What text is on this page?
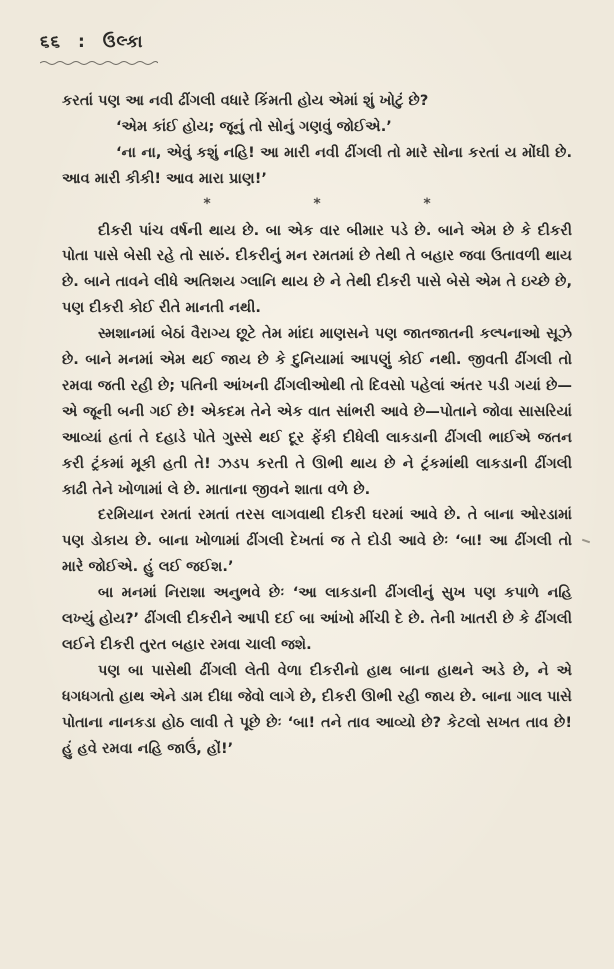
૬૬ : ઉલ્કા

કરતાં પણ આ નવી ઢીંગલી વધારે કિંમતી હોય એમાં શું ખોટું છે?

‘એમ કાંઈ હોય; જૂનું તો સોનું ગણવું જોઈએ.’

‘ના ના, એવું કશું નહિ! આ મારી નવી ઢીંગલી તો મારે સોના કરતાં ય મોંઘી છે. આવ મારી કીકી! આવ મારા પ્રાણ!’

*	*	*

દીકરી પાંચ વર્ષની થાય છે. બા એક વાર બીમાર પડે છે. બાને એમ છે કે દીકરી પોતા પાસે બેસી રહે તો સારું. દીકરીનું મન રમતમાં છે તેથી તે બહાર જવા ઉતાવળી થાય છે. બાને તાવને લીધે અતિશય ગ્લાનિ થાય છે ને તેથી દીકરી પાસે બેસે એમ તે ઇચ્છે છે, પણ દીકરી કોઈ રીતે માનતી નથી.

સ્મશાનમાં બેઠાં વૈરાગ્ય છૂટે તેમ માંદા માણસને પણ જાતજાતની કલ્પનાઓ સૂઝે છે. બાને મનમાં એમ થઈ જાય છે કે દુનિયામાં આપણું કોઈ નથી. જીવતી ઢીંગલી તો રમવા જતી રહી છે; પતિની આંખની ઢીંગલીઓથી તો દિવસો પહેલાં અંતર પડી ગયાં છે—એ જૂની બની ગઈ છે! એકદમ તેને એક વાત સાંભરી આવે છે—પોતાને જોવા સાસરિયાં આવ્યાં હતાં તે દહાડે પોતે ગુસ્સે થઈ દૂર ફેંકી દીધેલી લાકડાની ઢીંગલી ભાઈએ જતન કરી ટ્રંકમાં મૂકી હતી તે! ઝડપ કરતી તે ઊભી થાય છે ને ટ્રંકમાંથી લાકડાની ઢીંગલી કાઢી તેને ખોળામાં લે છે. માતાના જીવને શાતા વળે છે.

દરમિયાન રમતાં રમતાં તરસ લાગવાથી દીકરી ઘરમાં આવે છે. તે બાના ઓરડામાં પણ ડોકાય છે. બાના ખોળામાં ઢીંગલી દેખતાં જ તે દોડી આવે છેઃ ‘બા! આ ઢીંગલી તો મારે જોઈએ. હું લઈ જઈશ.’

બા મનમાં નિરાશા અનુભવે છેઃ ‘આ લાકડાની ઢીંગલીનું સુખ પણ કપાળે નહિ લખ્યું હોય?’ ઢીંગલી દીકરીને આપી દઈ બા આંખો મીંચી દે છે. તેની ખાતરી છે કે ઢીંગલી લઈને દીકરી તુરત બહાર રમવા ચાલી જશે.

પણ બા પાસેથી ઢીંગલી લેતી વેળા દીકરીનો હાથ બાના હાથને અડે છે, ને એ ધગધગતો હાથ એને ડામ દીધા જેવો લાગે છે, દીકરી ઊભી રહી જાય છે. બાના ગાલ પાસે પોતાના નાનકડા હોઠ લાવી તે પૂછે છેઃ ‘બા! તને તાવ આવ્યો છે? કેટલો સખત તાવ છે! હું હવે રમવા નહિ જાઉં, હોં!’
